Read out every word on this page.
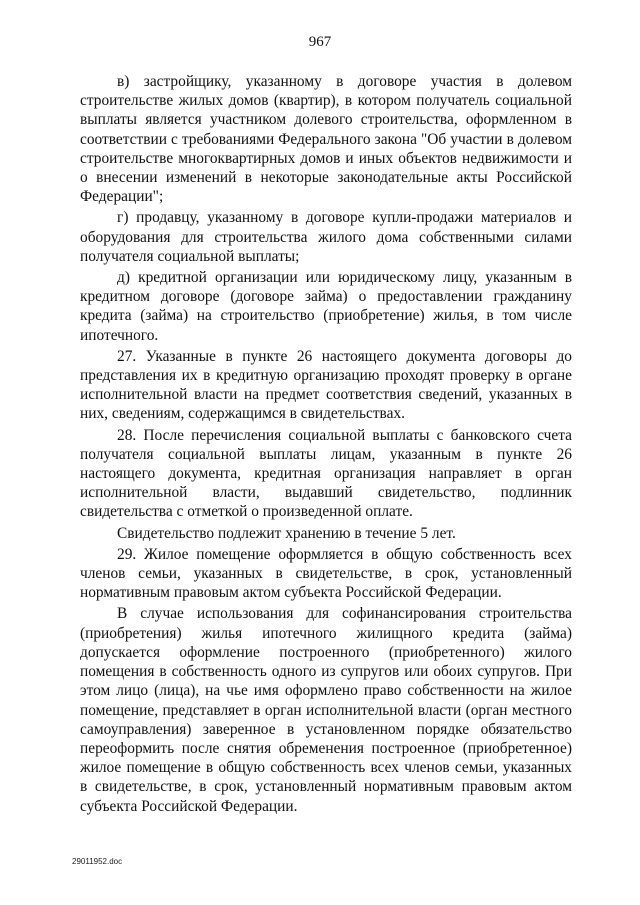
967

в) застройщику, указанному в договоре участия в долевом строительстве жилых домов (квартир), в котором получатель социальной выплаты является участником долевого строительства, оформленном в соответствии с требованиями Федерального закона "Об участии в долевом строительстве многоквартирных домов и иных объектов недвижимости и о внесении изменений в некоторые законодательные акты Российской Федерации";

г) продавцу, указанному в договоре купли-продажи материалов и оборудования для строительства жилого дома собственными силами получателя социальной выплаты;

д) кредитной организации или юридическому лицу, указанным в кредитном договоре (договоре займа) о предоставлении гражданину кредита (займа) на строительство (приобретение) жилья, в том числе ипотечного.

27. Указанные в пункте 26 настоящего документа договоры до представления их в кредитную организацию проходят проверку в органе исполнительной власти на предмет соответствия сведений, указанных в них, сведениям, содержащимся в свидетельствах.

28. После перечисления социальной выплаты с банковского счета получателя социальной выплаты лицам, указанным в пункте 26 настоящего документа, кредитная организация направляет в орган исполнительной власти, выдавший свидетельство, подлинник свидетельства с отметкой о произведенной оплате.

Свидетельство подлежит хранению в течение 5 лет.

29. Жилое помещение оформляется в общую собственность всех членов семьи, указанных в свидетельстве, в срок, установленный нормативным правовым актом субъекта Российской Федерации.

В случае использования для софинансирования строительства (приобретения) жилья ипотечного жилищного кредита (займа) допускается оформление построенного (приобретенного) жилого помещения в собственность одного из супругов или обоих супругов. При этом лицо (лица), на чье имя оформлено право собственности на жилое помещение, представляет в орган исполнительной власти (орган местного самоуправления) заверенное в установленном порядке обязательство переоформить после снятия обременения построенное (приобретенное) жилое помещение в общую собственность всех членов семьи, указанных в свидетельстве, в срок, установленный нормативным правовым актом субъекта Российской Федерации.

29011952.doc
